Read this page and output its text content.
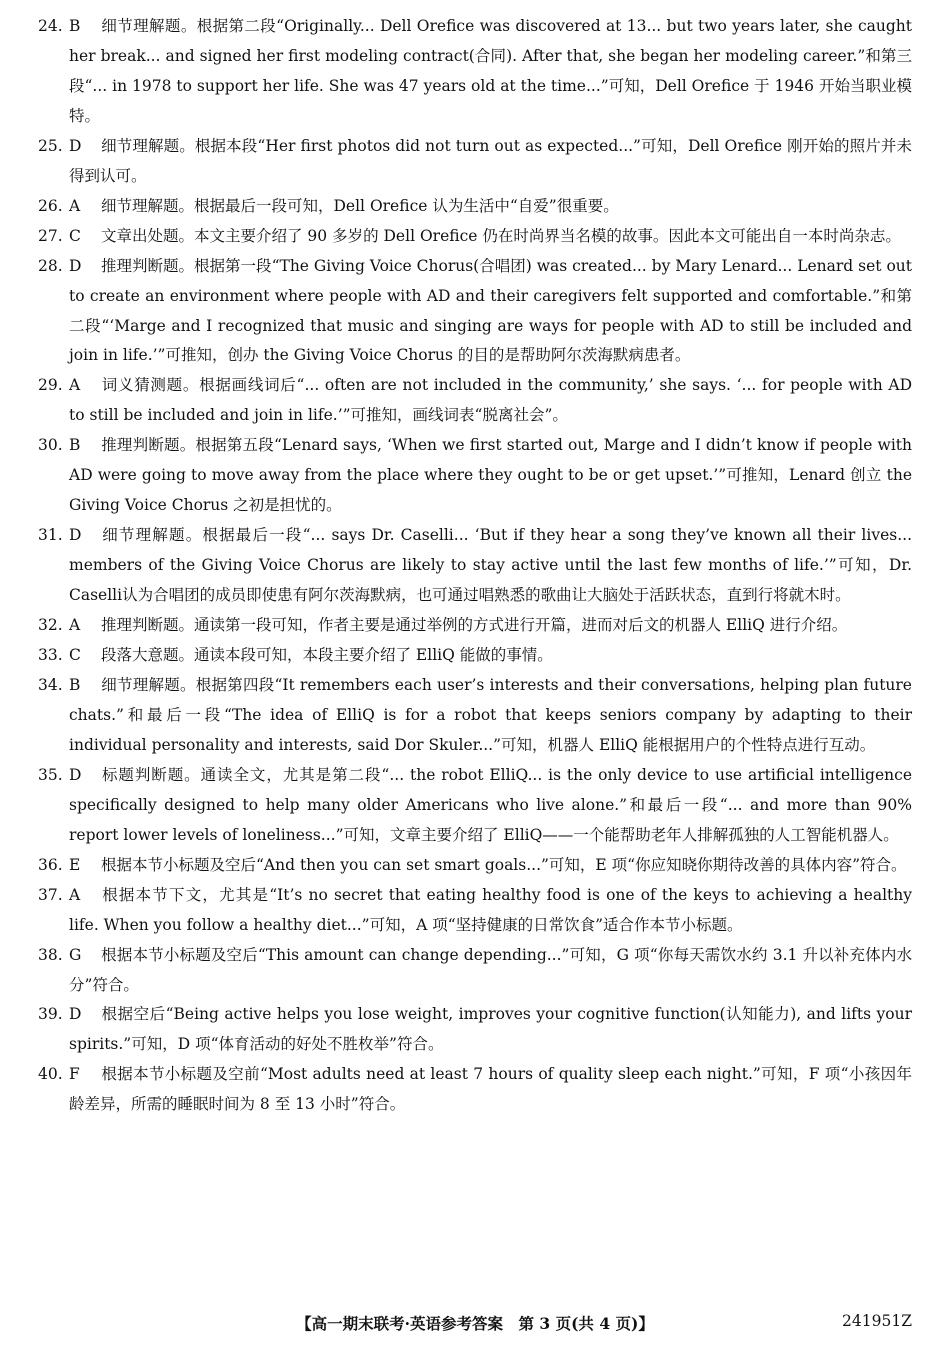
24. B 细节理解题。根据第二段“Originally... Dell Orefice was discovered at 13... but two years later, she caught her break... and signed her first modeling contract(合同). After that, she began her modeling career.”和第三段“... in 1978 to support her life. She was 47 years old at the time...”可知，Dell Orefice 于 1946 开始当职业模特。
25. D 细节理解题。根据本段“Her first photos did not turn out as expected...”可知，Dell Orefice 刚开始的照片并未得到认可。
26. A 细节理解题。根据最后一段可知，Dell Orefice 认为生活中“自爱”很重要。
27. C 文章出处题。本文主要介绍了 90 多岁的 Dell Orefice 仍在时尚界当名模的故事。因此本文可能出自一本时尚杂志。
28. D 推理判断题。根据第一段“The Giving Voice Chorus(合唱团) was created... by Mary Lenard... Lenard set out to create an environment where people with AD and their caregivers felt supported and comfortable.”和第二段“‘Marge and I recognized that music and singing are ways for people with AD to still be included and join in life.’”可推知，创办 the Giving Voice Chorus 的目的是帮助阿尔茨海默病患者。
29. A 词义猜测题。根据画线词后“... often are not included in the community,’ she says. ‘... for people with AD to still be included and join in life.’”可推知，画线词表“脱离社会”。
30. B 推理判断题。根据第五段“Lenard says, ‘When we first started out, Marge and I didn’t know if people with AD were going to move away from the place where they ought to be or get upset.’”可推知，Lenard 创立 the Giving Voice Chorus 之初是担忧的。
31. D 细节理解题。根据最后一段“... says Dr. Caselli... ‘But if they hear a song they’ve known all their lives... members of the Giving Voice Chorus are likely to stay active until the last few months of life.’”可知，Dr. Caselli认为合唱团的成员即使患有阿尔茨海默病，也可通过唱熟悉的歌曲让大脑处于活跃状态，直到行将就木时。
32. A 推理判断题。通读第一段可知，作者主要是通过举例的方式进行开篇，进而对后文的机器人 ElliQ 进行介绍。
33. C 段落大意题。通读本段可知，本段主要介绍了 ElliQ 能做的事情。
34. B 细节理解题。根据第四段“It remembers each user’s interests and their conversations, helping plan future chats.”和最后一段“The idea of ElliQ is for a robot that keeps seniors company by adapting to their individual personality and interests, said Dor Skuler...”可知，机器人 ElliQ 能根据用户的个性特点进行互动。
35. D 标题判断题。通读全文，尤其是第二段“... the robot ElliQ... is the only device to use artificial intelligence specifically designed to help many older Americans who live alone.”和最后一段“... and more than 90% report lower levels of loneliness...”可知，文章主要介绍了 ElliQ——一个能帮助老年人排解孤独的人工智能机器人。
36. E 根据本节小标题及空后“And then you can set smart goals...”可知，E 项“你应知晓你期待改善的具体内容”符合。
37. A 根据本节下文，尤其是“It’s no secret that eating healthy food is one of the keys to achieving a healthy life. When you follow a healthy diet...”可知，A 项“坚持健康的日常饮食”适合作本节小标题。
38. G 根据本节小标题及空后“This amount can change depending...”可知，G 项“你每天需饮水约 3.1 升以补充体内水分”符合。
39. D 根据空后“Being active helps you lose weight, improves your cognitive function(认知能力), and lifts your spirits.”可知，D 项“体育活动的好处不胜枚举”符合。
40. F 根据本节小标题及空前“Most adults need at least 7 hours of quality sleep each night.”可知，F 项“小孩因年龄差异，所需的睡眠时间为 8 至 13 小时”符合。
【高一期末联考·英语参考答案　第 3 页(共 4 页)】	241951Z
